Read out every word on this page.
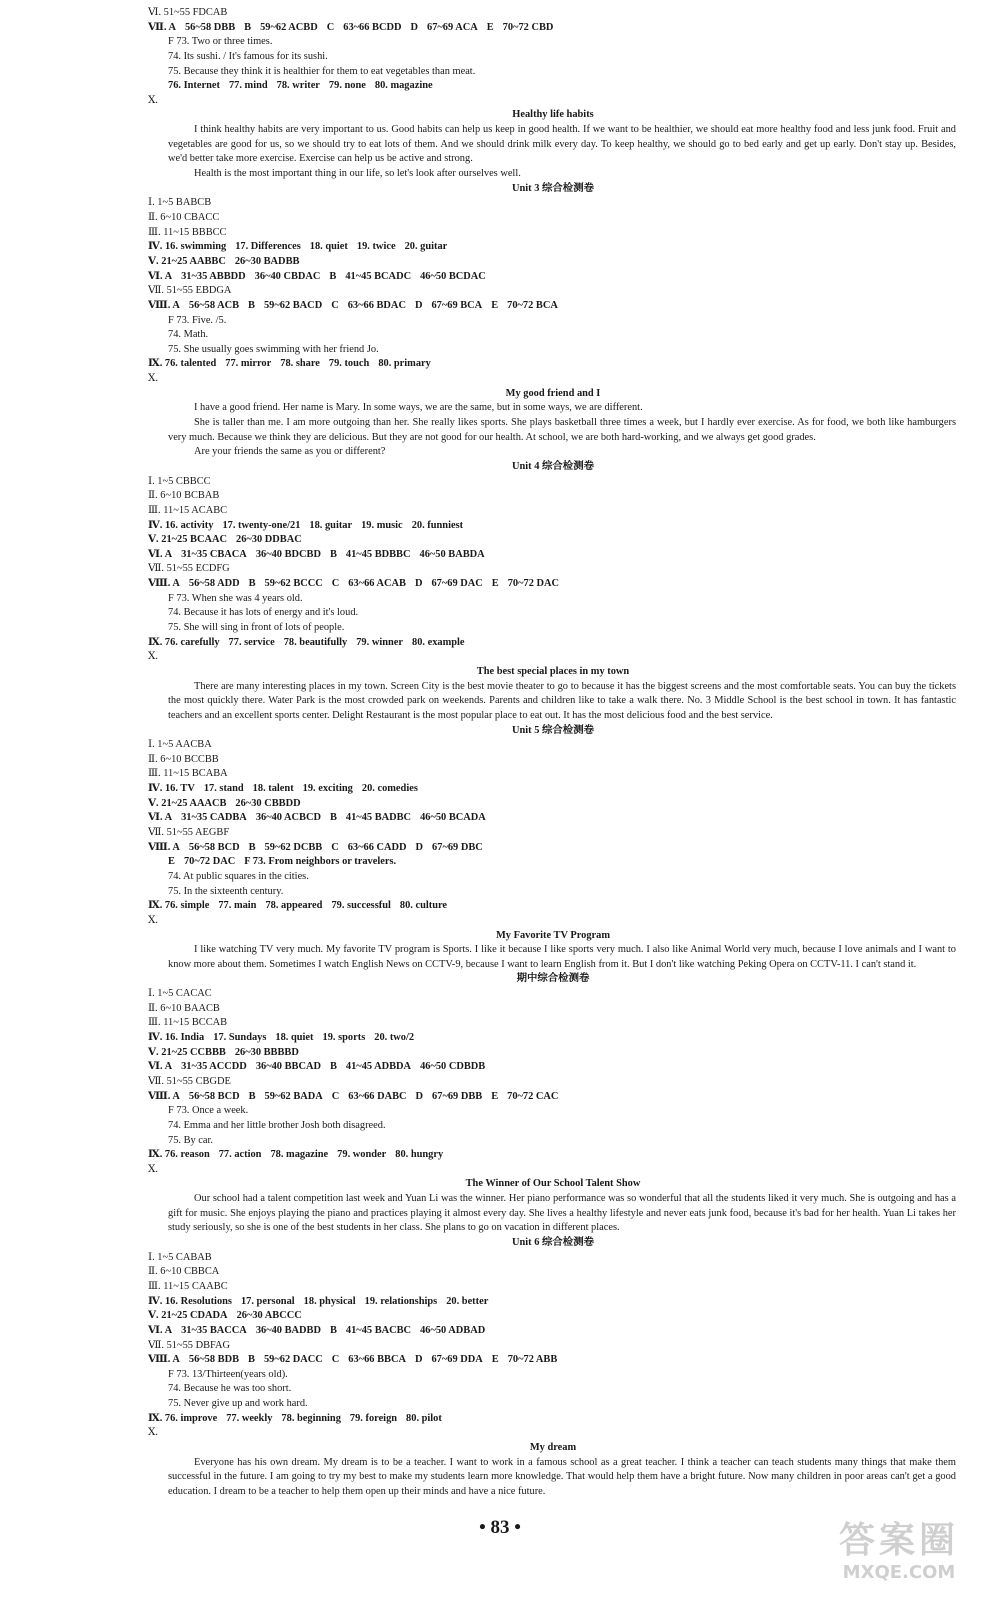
Ⅵ. 51~55 FDCAB
Ⅶ. A 56~58 DBB B 59~62 ACBD C 63~66 BCDD D 67~69 ACA E 70~72 CBD
F 73. Two or three times.
74. Its sushi. / It's famous for its sushi.
75. Because they think it is healthier for them to eat vegetables than meat.
76. Internet 77. mind 78. writer 79. none 80. magazine
Ⅹ.
Healthy life habits
I think healthy habits are very important to us. Good habits can help us keep in good health. If we want to be healthier, we should eat more healthy food and less junk food. Fruit and vegetables are good for us, so we should try to eat lots of them. And we should drink milk every day. To keep healthy, we should go to bed early and get up early. Don't stay up. Besides, we'd better take more exercise. Exercise can help us be active and strong.
Health is the most important thing in our life, so let's look after ourselves well.
Unit 3 综合检测卷
Ⅰ. 1~5 BABCB
Ⅱ. 6~10 CBACC
Ⅲ. 11~15 BBBCC
Ⅳ. 16. swimming 17. Differences 18. quiet 19. twice 20. guitar
Ⅴ. 21~25 AABBC 26~30 BADBB
Ⅵ. A 31~35 ABBDD 36~40 CBDAC B 41~45 BCADC 46~50 BCDAC
Ⅶ. 51~55 EBDGA
Ⅷ. A 56~58 ACB B 59~62 BACD C 63~66 BDAC D 67~69 BCA E 70~72 BCA
F 73. Five. /5.
74. Math.
75. She usually goes swimming with her friend Jo.
Ⅸ. 76. talented 77. mirror 78. share 79. touch 80. primary
Ⅹ.
My good friend and I
I have a good friend. Her name is Mary. In some ways, we are the same, but in some ways, we are different.
She is taller than me. I am more outgoing than her. She really likes sports. She plays basketball three times a week, but I hardly ever exercise. As for food, we both like hamburgers very much. Because we think they are delicious. But they are not good for our health. At school, we are both hard-working, and we always get good grades.
Are your friends the same as you or different?
Unit 4 综合检测卷
Ⅰ. 1~5 CBBCC
Ⅱ. 6~10 BCBAB
Ⅲ. 11~15 ACABC
Ⅳ. 16. activity 17. twenty-one/21 18. guitar 19. music 20. funniest
Ⅴ. 21~25 BCAAC 26~30 DDBAC
Ⅵ. A 31~35 CBACA 36~40 BDCBD B 41~45 BDBBC 46~50 BABDA
Ⅶ. 51~55 ECDFG
Ⅷ. A 56~58 ADD B 59~62 BCCC C 63~66 ACAB D 67~69 DAC E 70~72 DAC
F 73. When she was 4 years old.
74. Because it has lots of energy and it's loud.
75. She will sing in front of lots of people.
Ⅸ. 76. carefully 77. service 78. beautifully 79. winner 80. example
Ⅹ.
The best special places in my town
There are many interesting places in my town. Screen City is the best movie theater to go to because it has the biggest screens and the most comfortable seats. You can buy the tickets the most quickly there. Water Park is the most crowded park on weekends. Parents and children like to take a walk there. No. 3 Middle School is the best school in town. It has fantastic teachers and an excellent sports center. Delight Restaurant is the most popular place to eat out. It has the most delicious food and the best service.
Unit 5 综合检测卷
Ⅰ. 1~5 AACBA
Ⅱ. 6~10 BCCBB
Ⅲ. 11~15 BCABA
Ⅳ. 16. TV 17. stand 18. talent 19. exciting 20. comedies
Ⅴ. 21~25 AAACB 26~30 CBBDD
Ⅵ. A 31~35 CADBA 36~40 ACBCD B 41~45 BADBC 46~50 BCADA
Ⅶ. 51~55 AEGBF
Ⅷ. A 56~58 BCD B 59~62 DCBB C 63~66 CADD D 67~69 DBC
E 70~72 DAC F 73. From neighbors or travelers.
74. At public squares in the cities.
75. In the sixteenth century.
Ⅸ. 76. simple 77. main 78. appeared 79. successful 80. culture
Ⅹ.
My Favorite TV Program
I like watching TV very much. My favorite TV program is Sports. I like it because I like sports very much. I also like Animal World very much, because I love animals and I want to know more about them. Sometimes I watch English News on CCTV-9, because I want to learn English from it. But I don't like watching Peking Opera on CCTV-11. I can't stand it.
期中综合检测卷
Ⅰ. 1~5 CACAC
Ⅱ. 6~10 BAACB
Ⅲ. 11~15 BCCAB
Ⅳ. 16. India 17. Sundays 18. quiet 19. sports 20. two/2
Ⅴ. 21~25 CCBBB 26~30 BBBBD
Ⅵ. A 31~35 ACCDD 36~40 BBCAD B 41~45 ADBDA 46~50 CDBDB
Ⅶ. 51~55 CBGDE
Ⅷ. A 56~58 BCD B 59~62 BADA C 63~66 DABC D 67~69 DBB E 70~72 CAC
F 73. Once a week.
74. Emma and her little brother Josh both disagreed.
75. By car.
Ⅸ. 76. reason 77. action 78. magazine 79. wonder 80. hungry
Ⅹ.
The Winner of Our School Talent Show
Our school had a talent competition last week and Yuan Li was the winner. Her piano performance was so wonderful that all the students liked it very much. She is outgoing and has a gift for music. She enjoys playing the piano and practices playing it almost every day. She lives a healthy lifestyle and never eats junk food, because it's bad for her health. Yuan Li takes her study seriously, so she is one of the best students in her class. She plans to go on vacation in different places.
Unit 6 综合检测卷
Ⅰ. 1~5 CABAB
Ⅱ. 6~10 CBBCA
Ⅲ. 11~15 CAABC
Ⅳ. 16. Resolutions 17. personal 18. physical 19. relationships 20. better
Ⅴ. 21~25 CDADA 26~30 ABCCC
Ⅵ. A 31~35 BACCA 36~40 BADBD B 41~45 BACBC 46~50 ADBAD
Ⅶ. 51~55 DBFAG
Ⅷ. A 56~58 BDB B 59~62 DACC C 63~66 BBCA D 67~69 DDA E 70~72 ABB
F 73. 13/Thirteen(years old).
74. Because he was too short.
75. Never give up and work hard.
Ⅸ. 76. improve 77. weekly 78. beginning 79. foreign 80. pilot
Ⅹ.
My dream
Everyone has his own dream. My dream is to be a teacher. I want to work in a famous school as a great teacher. I think a teacher can teach students many things that make them successful in the future. I am going to try my best to make my students learn more knowledge. That would help them have a bright future. Now many children in poor areas can't get a good education. I dream to be a teacher to help them open up their minds and have a nice future.
• 83 •	答案圈
MXQE.COM
